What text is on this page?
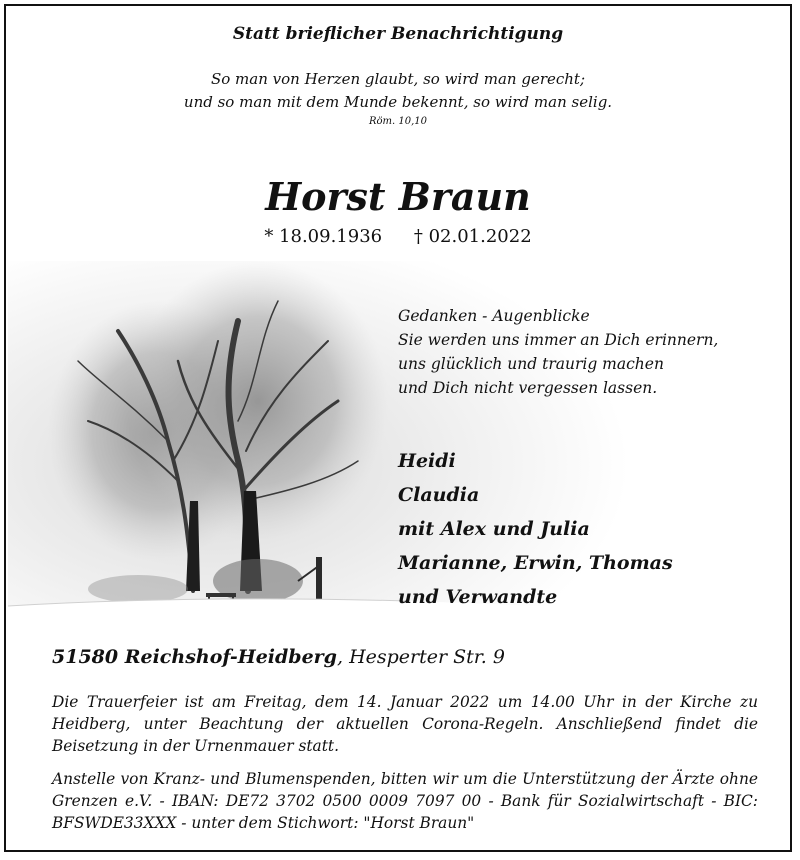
Statt brieflicher Benachrichtigung
So man von Herzen glaubt, so wird man gerecht;
und so man mit dem Munde bekennt, so wird man selig.
Röm. 10,10
Horst Braun
* 18.09.1936 † 02.01.2022
Gedanken - Augenblicke
Sie werden uns immer an Dich erinnern,
uns glücklich und traurig machen
und Dich nicht vergessen lassen.
Heidi
Claudia
mit Alex und Julia
Marianne, Erwin, Thomas
und Verwandte
51580 Reichshof-Heidberg, Hesperter Str. 9
Die Trauerfeier ist am Freitag, dem 14. Januar 2022 um 14.00 Uhr in der Kirche zu Heidberg, unter Beachtung der aktuellen Corona-Regeln. Anschließend findet die Beisetzung in der Urnenmauer statt.
Anstelle von Kranz- und Blumenspenden, bitten wir um die Unterstützung der Ärzte ohne Grenzen e.V. - IBAN: DE72 3702 0500 0009 7097 00 - Bank für Sozialwirtschaft - BIC: BFSWDE33XXX - unter dem Stichwort: "Horst Braun"
